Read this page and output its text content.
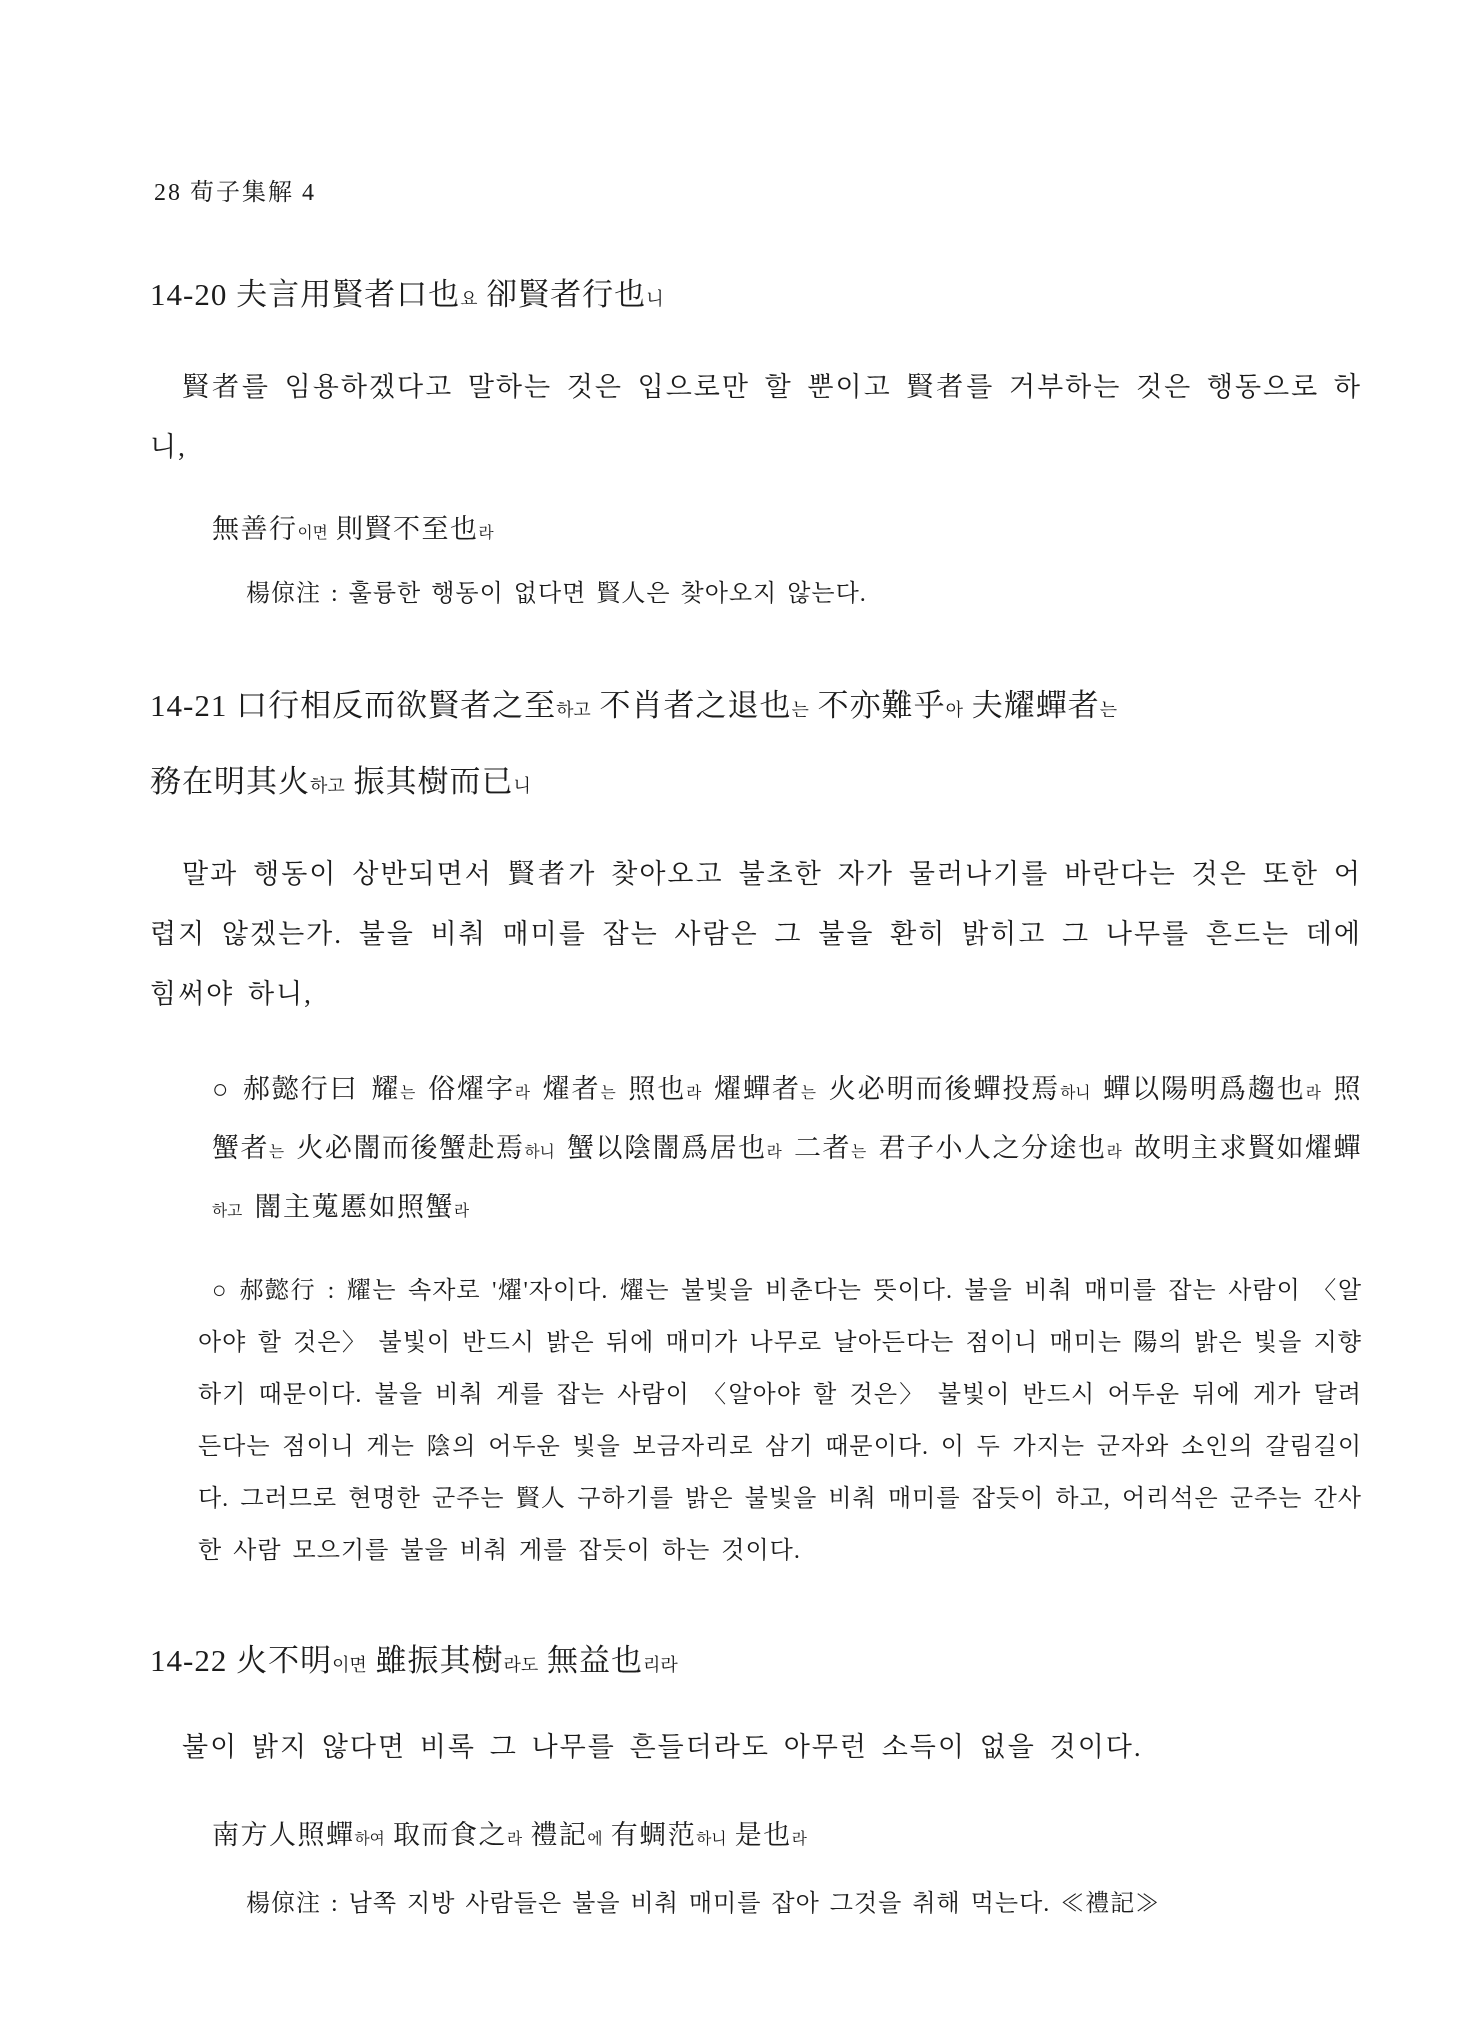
28 荀子集解 4
14-20 夫言用賢者口也요 卻賢者行也니

賢者를 임용하겠다고 말하는 것은 입으로만 할 뿐이고 賢者를 거부하는 것은 행동으로 하니,

無善行이면 則賢不至也라
楊倞注 : 훌륭한 행동이 없다면 賢人은 찾아오지 않는다.
14-21 口行相反而欲賢者之至하고 不肖者之退也는 不亦難乎아 夫耀蟬者는
務在明其火하고 振其樹而已니

말과 행동이 상반되면서 賢者가 찾아오고 불초한 자가 물러나기를 바란다는 것은 또한 어렵지 않겠는가. 불을 비춰 매미를 잡는 사람은 그 불을 환히 밝히고 그 나무를 흔드는 데에 힘써야 하니,

○ 郝懿行曰 耀는 俗燿字라 燿者는 照也라 燿蟬者는 火必明而後蟬投焉하니 蟬以陽明爲趨也라 照蟹者는 火必闇而後蟹赴焉하니 蟹以陰闇爲居也라 二者는 君子小人之分途也라 故明主求賢如燿蟬하고 闇主蒐慝如照蟹라

○ 郝懿行 : 耀는 속자로 '燿'자이다. 燿는 불빛을 비춘다는 뜻이다. 불을 비춰 매미를 잡는 사람이 〈알아야 할 것은〉 불빛이 반드시 밝은 뒤에 매미가 나무로 날아든다는 점이니 매미는 陽의 밝은 빛을 지향하기 때문이다. 불을 비춰 게를 잡는 사람이 〈알아야 할 것은〉 불빛이 반드시 어두운 뒤에 게가 달려든다는 점이니 게는 陰의 어두운 빛을 보금자리로 삼기 때문이다. 이 두 가지는 군자와 소인의 갈림길이다. 그러므로 현명한 군주는 賢人 구하기를 밝은 불빛을 비춰 매미를 잡듯이 하고, 어리석은 군주는 간사한 사람 모으기를 불을 비춰 게를 잡듯이 하는 것이다.

14-22 火不明이면 雖振其樹라도 無益也리라

불이 밝지 않다면 비록 그 나무를 흔들더라도 아무런 소득이 없을 것이다.

南方人照蟬하여 取而食之라 禮記에 有蜩范하니 是也라
楊倞注 : 남쪽 지방 사람들은 불을 비춰 매미를 잡아 그것을 취해 먹는다. ≪禮記≫
